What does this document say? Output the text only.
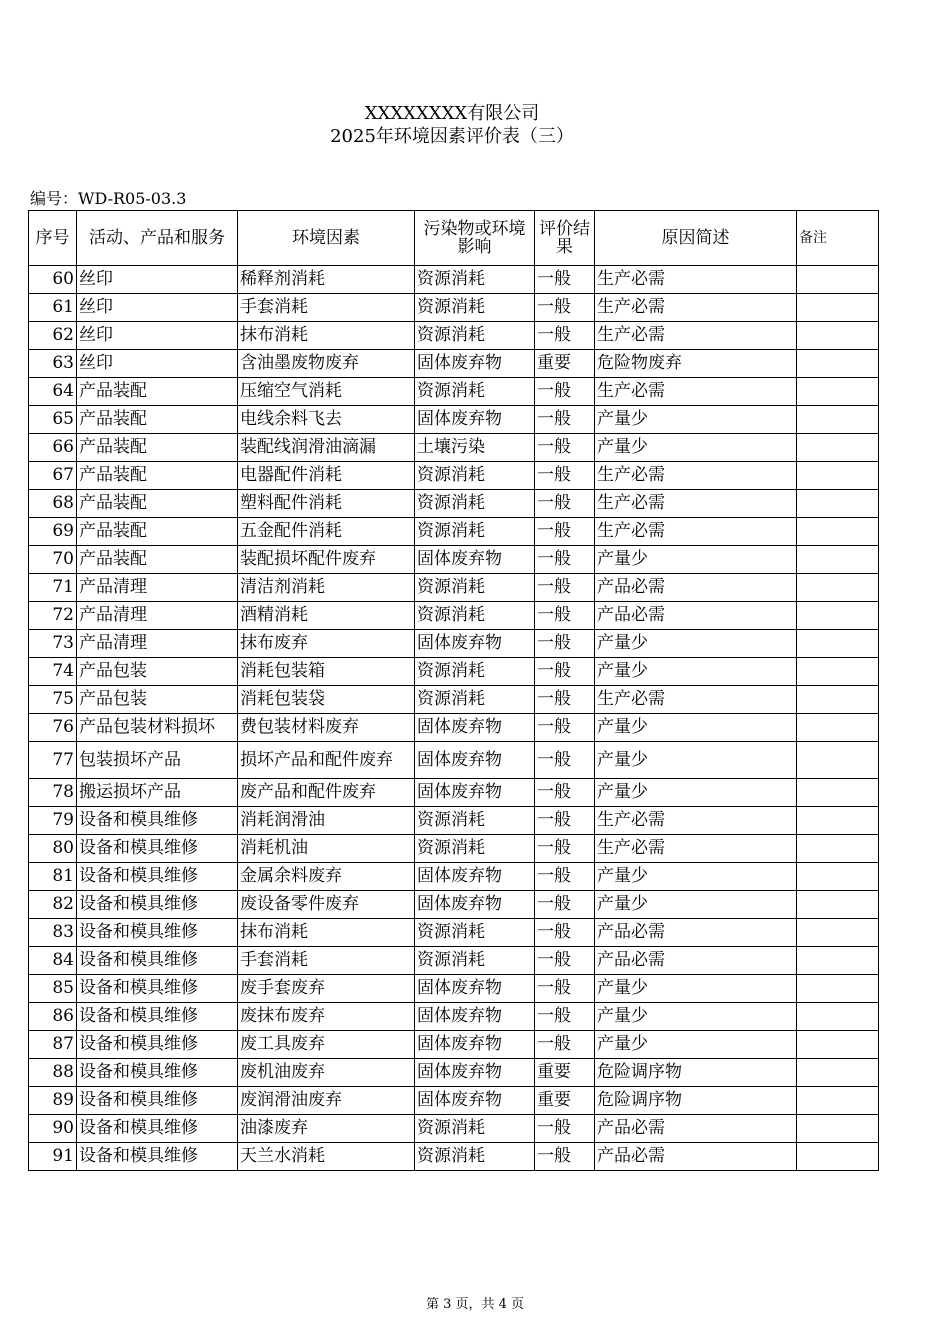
XXXXXXXX有限公司
2025年环境因素评价表（三）
编号：WD-R05-03.3
序号	活动、产品和服务	环境因素	污染物或环境影响	评价结果	原因简述	备注
60	丝印	稀释剂消耗	资源消耗	一般	生产必需	
61	丝印	手套消耗	资源消耗	一般	生产必需	
62	丝印	抹布消耗	资源消耗	一般	生产必需	
63	丝印	含油墨废物废弃	固体废弃物	重要	危险物废弃	
64	产品装配	压缩空气消耗	资源消耗	一般	生产必需	
65	产品装配	电线余料飞去	固体废弃物	一般	产量少	
66	产品装配	装配线润滑油滴漏	土壤污染	一般	产量少	
67	产品装配	电器配件消耗	资源消耗	一般	生产必需	
68	产品装配	塑料配件消耗	资源消耗	一般	生产必需	
69	产品装配	五金配件消耗	资源消耗	一般	生产必需	
70	产品装配	装配损坏配件废弃	固体废弃物	一般	产量少	
71	产品清理	清洁剂消耗	资源消耗	一般	产品必需	
72	产品清理	酒精消耗	资源消耗	一般	产品必需	
73	产品清理	抹布废弃	固体废弃物	一般	产量少	
74	产品包装	消耗包装箱	资源消耗	一般	产量少	
75	产品包装	消耗包装袋	资源消耗	一般	生产必需	
76	产品包装材料损坏	费包装材料废弃	固体废弃物	一般	产量少	
77	包装损坏产品	损坏产品和配件废弃	固体废弃物	一般	产量少	
78	搬运损坏产品	废产品和配件废弃	固体废弃物	一般	产量少	
79	设备和模具维修	消耗润滑油	资源消耗	一般	生产必需	
80	设备和模具维修	消耗机油	资源消耗	一般	生产必需	
81	设备和模具维修	金属余料废弃	固体废弃物	一般	产量少	
82	设备和模具维修	废设备零件废弃	固体废弃物	一般	产量少	
83	设备和模具维修	抹布消耗	资源消耗	一般	产品必需	
84	设备和模具维修	手套消耗	资源消耗	一般	产品必需	
85	设备和模具维修	废手套废弃	固体废弃物	一般	产量少	
86	设备和模具维修	废抹布废弃	固体废弃物	一般	产量少	
87	设备和模具维修	废工具废弃	固体废弃物	一般	产量少	
88	设备和模具维修	废机油废弃	固体废弃物	重要	危险调序物	
89	设备和模具维修	废润滑油废弃	固体废弃物	重要	危险调序物	
90	设备和模具维修	油漆废弃	资源消耗	一般	产品必需	
91	设备和模具维修	天兰水消耗	资源消耗	一般	产品必需	
第 3 页，共 4 页
